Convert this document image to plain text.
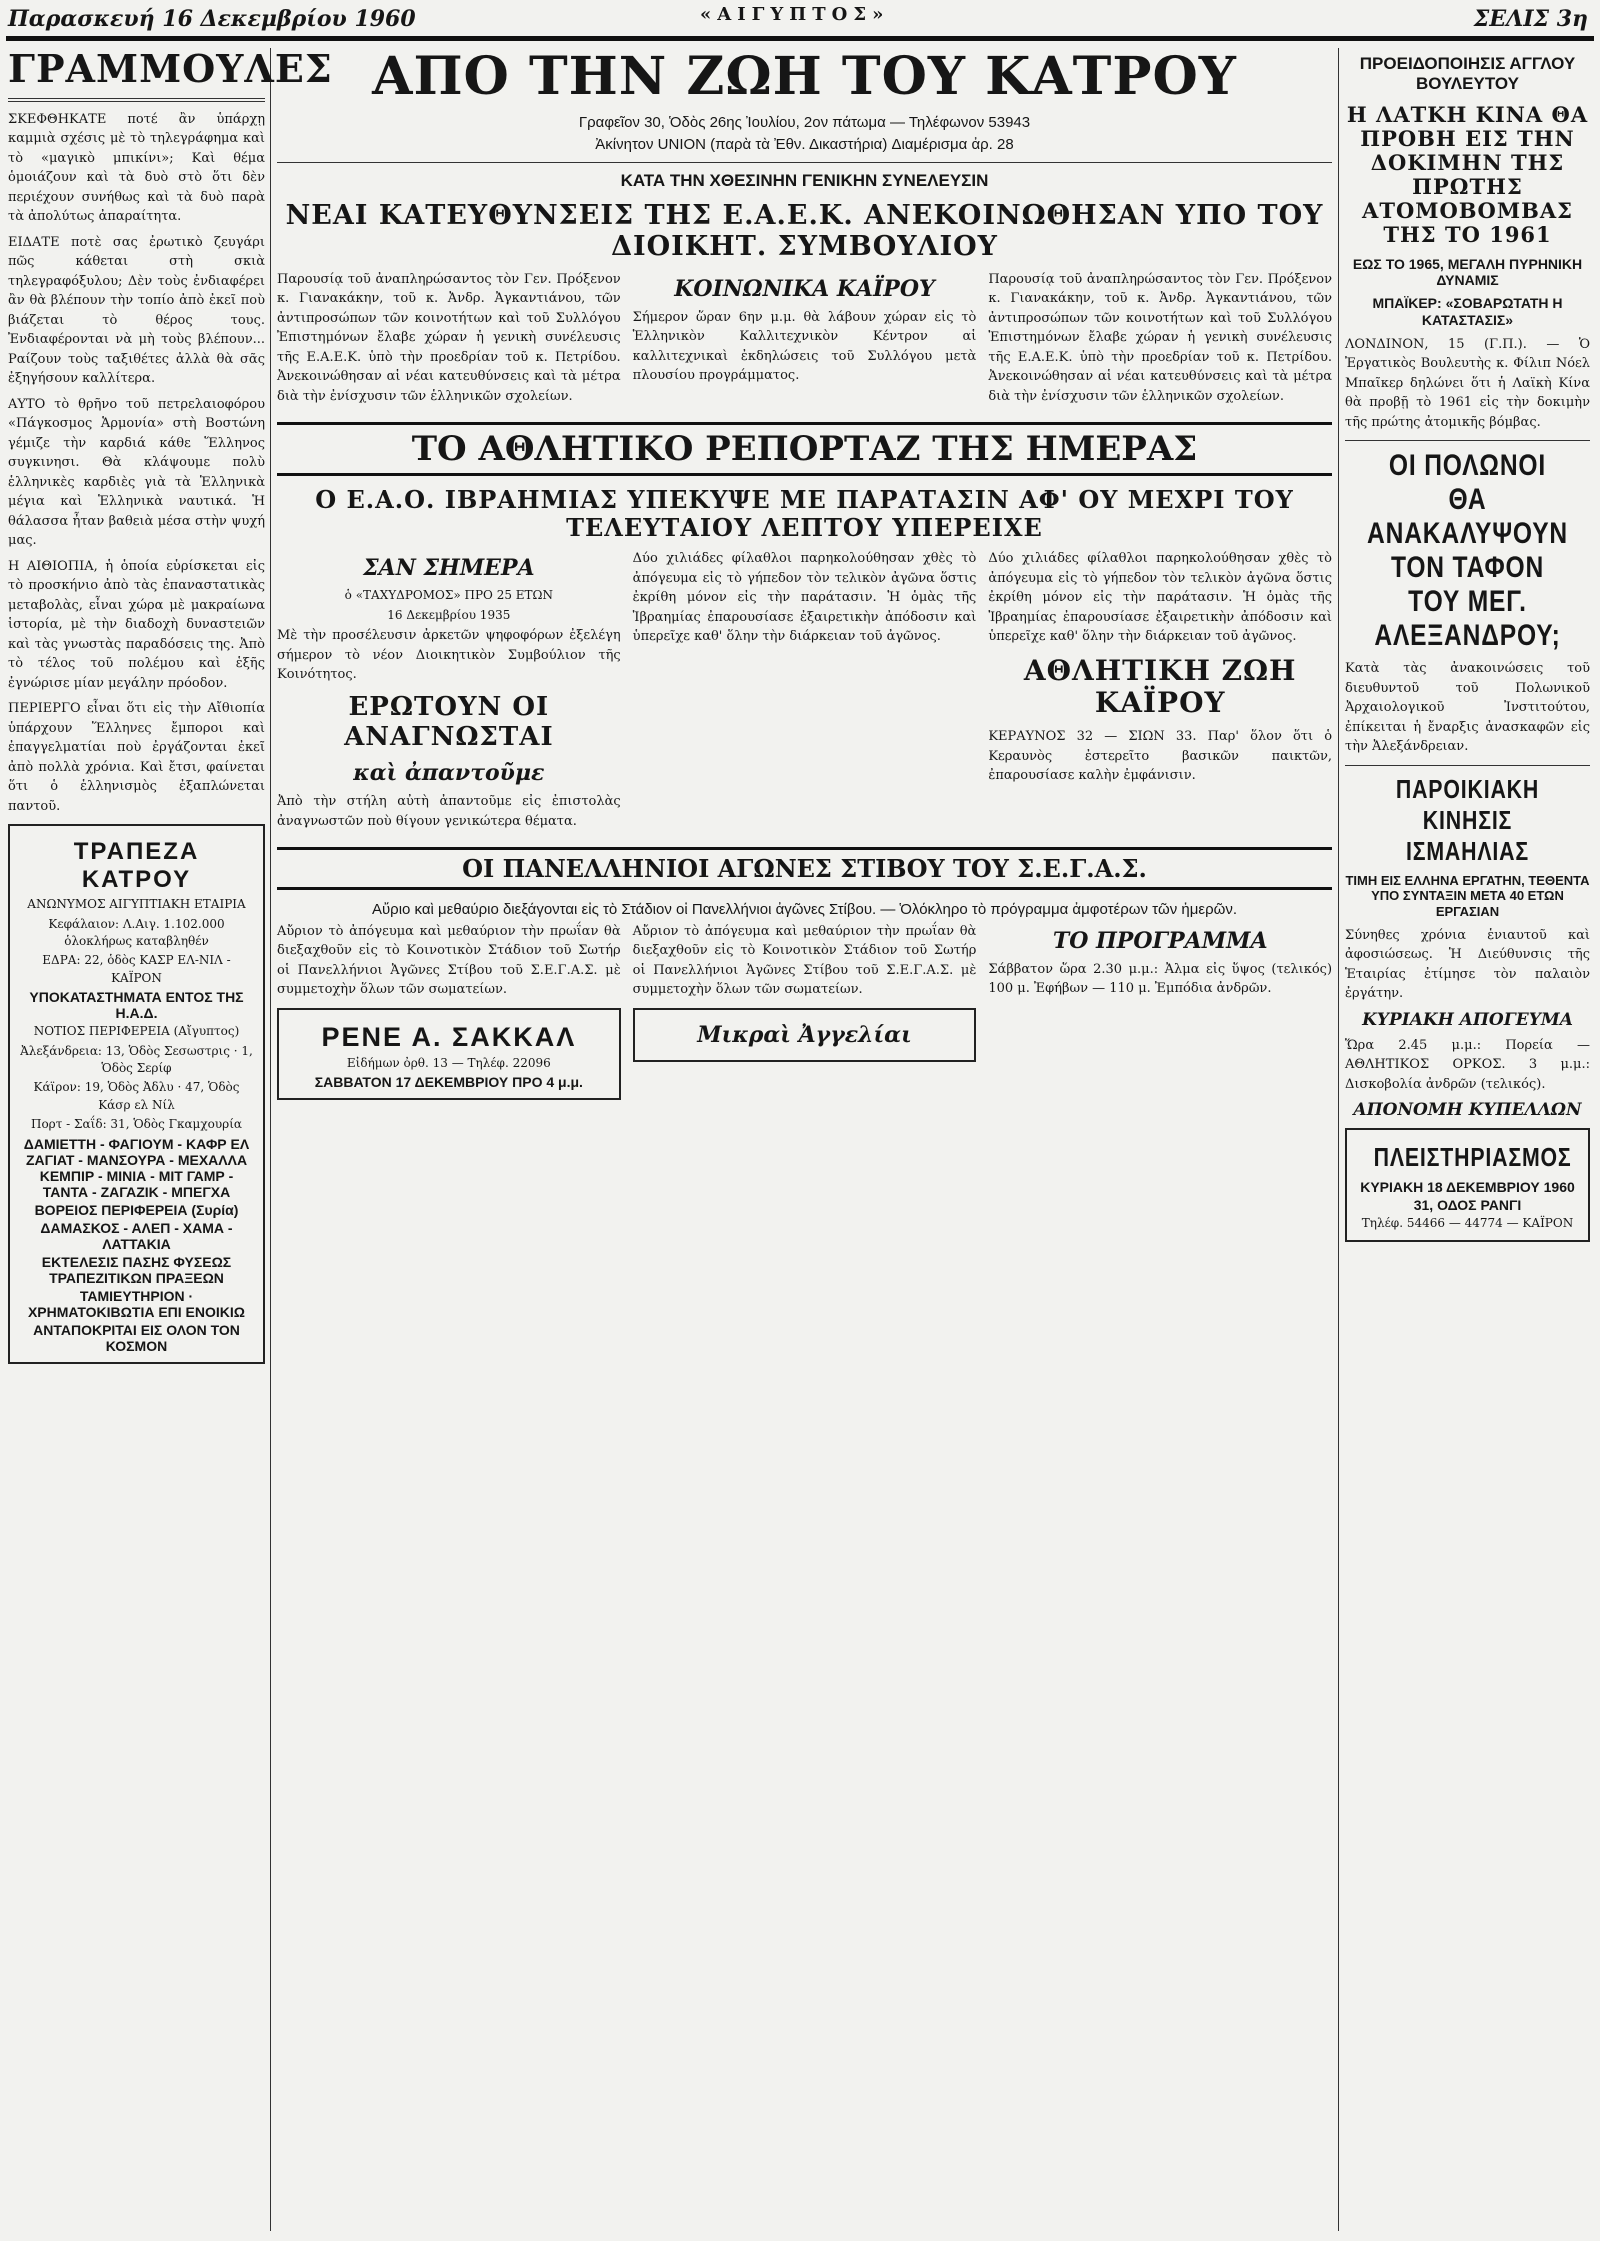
Παρασκευή 16 Δεκεμβρίου 1960	«ΑΙΓΥΠΤΟΣ»	ΣΕΛΙΣ 3η
ΓΡΑΜΜΟΥΛΕΣ

ΣΚΕΦΘΗΚΑΤΕ ποτέ ἂν ὑπάρχῃ καμμιὰ σχέσις μὲ τὸ τηλεγράφημα καὶ τὸ «μαγικὸ μπικίνι»; Καὶ θέμα ὁμοιάζουν καὶ τὰ δυὸ στὸ ὅτι δὲν περιέχουν συνήθως καὶ τὰ δυὸ παρὰ τὰ ἀπολύτως ἀπαραίτητα.

ΕΙΔΑΤΕ ποτὲ σας ἐρωτικὸ ζευγάρι πῶς κάθεται στὴ σκιὰ τηλεγραφόξυλου; Δὲν τοὺς ἐνδιαφέρει ἂν θὰ βλέπουν τὴν τοπίο ἀπὸ ἐκεῖ ποὺ βιάζεται τὸ θέρος τους. Ἐνδιαφέρονται νὰ μὴ τοὺς βλέπουν... Ραίζουν τοὺς ταξιθέτες ἀλλὰ θὰ σᾶς ἐξηγήσουν καλλίτερα.

ΑΥΤΟ τὸ θρῆνο τοῦ πετρελαιοφόρου «Πάγκοσμος Ἁρμονία» στὴ Βοστώνη γέμιζε τὴν καρδιά κάθε Ἕλληνος συγκινησι. Θὰ κλάψουμε πολὺ ἑλληνικὲς καρδιὲς γιὰ τὰ Ἑλληνικὰ μέγια καὶ Ἑλληνικὰ ναυτικά. Ἡ θάλασσα ἦταν βαθειὰ μέσα στὴν ψυχή μας.

Η ΑΙΘΙΟΠΙΑ, ἡ ὁποία εὑρίσκεται εἰς τὸ προσκήνιο ἀπὸ τὰς ἐπαναστατικὰς μεταβολὰς, εἶναι χώρα μὲ μακραίωνα ἱστορία, μὲ τὴν διαδοχὴ δυναστειῶν καὶ τὰς γνωστὰς παραδόσεις της. Ἀπὸ τὸ τέλος τοῦ πολέμου καὶ ἑξῆς ἐγνώρισε μίαν μεγάλην πρόοδον.

ΠΕΡΙΕΡΓΟ εἶναι ὅτι εἰς τὴν Αἴθιοπία ὑπάρχουν Ἕλληνες ἔμποροι καὶ ἐπαγγελματίαι ποὺ ἐργάζονται ἐκεῖ ἀπὸ πολλὰ χρόνια. Καὶ ἔτσι, φαίνεται ὅτι ὁ ἑλληνισμὸς ἐξαπλώνεται παντοῦ.

ΤΡΑΠΕΖΑ ΚΑΤΡΟΥ
ΑΝΩΝΥΜΟΣ ΑΙΓΥΠΤΙΑΚΗ ΕΤΑΙΡΙΑ
Κεφάλαιον: Λ.Αιγ. 1.102.000 ὁλοκλήρως καταβληθέν
ΕΔΡΑ: 22, ὁδὸς ΚΑΣΡ ΕΛ-ΝΙΛ - ΚΑΪΡΟΝ
ΥΠΟΚΑΤΑΣΤΗΜΑΤΑ ΕΝΤΟΣ ΤΗΣ Η.Α.Δ.
ΝΟΤΙΟΣ ΠΕΡΙΦΕΡΕΙΑ (Αἴγυπτος)
Ἀλεξάνδρεια: 13, Ὁδὸς Σεσωστρις · 1, Ὁδὸς Σερίφ
Κάϊρον: 19, Ὁδὸς Ἀδλυ · 47, Ὁδὸς Κάσρ ελ Νίλ
Πορτ - Σαΐδ: 31, Ὁδὸς Γκαμχουρία
ΔΑΜΙΕΤΤΗ - ΦΑΓΙΟΥΜ - ΚΑΦΡ ΕΛ ΖΑΓΙΑΤ - ΜΑΝΣΟΥΡΑ - ΜΕΧΑΛΛΑ ΚΕΜΠΙΡ - ΜΙΝΙΑ - ΜΙΤ ΓΑΜΡ - ΤΑΝΤΑ - ΖΑΓΑΖΙΚ - ΜΠΕΓΧΑ
ΒΟΡΕΙΟΣ ΠΕΡΙΦΕΡΕΙΑ (Συρία)
ΔΑΜΑΣΚΟΣ - ΑΛΕΠ - ΧΑΜΑ - ΛΑΤΤΑΚΙΑ
ΕΚΤΕΛΕΣΙΣ ΠΑΣΗΣ ΦΥΣΕΩΣ ΤΡΑΠΕΖΙΤΙΚΩΝ ΠΡΑΞΕΩΝ
ΤΑΜΙΕΥΤΗΡΙΟΝ · ΧΡΗΜΑΤΟΚΙΒΩΤΙΑ ΕΠΙ ΕΝΟΙΚΙΩ
ΑΝΤΑΠΟΚΡΙΤΑΙ ΕΙΣ ΟΛΟΝ ΤΟΝ ΚΟΣΜΟΝ
ΑΠΟ ΤΗΝ ΖΩΗ ΤΟΥ ΚΑΤΡΟΥ
Γραφεῖον 30, Ὁδὸς 26ης Ἰουλίου, 2ον πάτωμα — Τηλέφωνον 53943
Ἀκίνητον UNION (παρὰ τὰ Ἐθν. Δικαστήρια) Διαμέρισμα ἀρ. 28
ΚΑΤΑ ΤΗΝ ΧΘΕΣΙΝΗΝ ΓΕΝΙΚΗΝ ΣΥΝΕΛΕΥΣΙΝ
ΝΕΑΙ ΚΑΤΕΥΘΥΝΣΕΙΣ ΤΗΣ Ε.Α.Ε.Κ. ΑΝΕΚΟΙΝΩΘΗΣΑΝ ΥΠΟ ΤΟΥ ΔΙΟΙΚΗΤ. ΣΥΜΒΟΥΛΙΟΥ

Παρουσίᾳ τοῦ ἀναπληρώσαντος τὸν Γεν. Πρόξενον κ. Γιανακάκην, τοῦ κ. Ἀνδρ. Ἀγκαντιάνου, τῶν ἀντιπροσώπων τῶν κοινοτήτων καὶ τοῦ Συλλόγου Ἐπιστημόνων ἔλαβε χώραν ἡ γενικὴ συνέλευσις τῆς Ε.Α.Ε.Κ. ὑπὸ τὴν προεδρίαν τοῦ κ. Πετρίδου. Ἀνεκοινώθησαν αἱ νέαι κατευθύνσεις καὶ τὰ μέτρα διὰ τὴν ἐνίσχυσιν τῶν ἑλληνικῶν σχολείων.

ΚΟΙΝΩΝΙΚΑ ΚΑΪΡΟΥ

Σήμερον ὥραν 6ην μ.μ. θὰ λάβουν χώραν εἰς τὸ Ἑλληνικὸν Καλλιτεχνικὸν Κέντρον αἱ καλλιτεχνικαὶ ἐκδηλώσεις τοῦ Συλλόγου μετὰ πλουσίου προγράμματος.

Παρουσίᾳ τοῦ ἀναπληρώσαντος τὸν Γεν. Πρόξενον κ. Γιανακάκην, τοῦ κ. Ἀνδρ. Ἀγκαντιάνου, τῶν ἀντιπροσώπων τῶν κοινοτήτων καὶ τοῦ Συλλόγου Ἐπιστημόνων ἔλαβε χώραν ἡ γενικὴ συνέλευσις τῆς Ε.Α.Ε.Κ. ὑπὸ τὴν προεδρίαν τοῦ κ. Πετρίδου. Ἀνεκοινώθησαν αἱ νέαι κατευθύνσεις καὶ τὰ μέτρα διὰ τὴν ἐνίσχυσιν τῶν ἑλληνικῶν σχολείων.

ΤΟ ΑΘΛΗΤΙΚΟ ΡΕΠΟΡΤΑΖ ΤΗΣ ΗΜΕΡΑΣ
Ο Ε.Α.Ο. ΙΒΡΑΗΜΙΑΣ ΥΠΕΚΥΨΕ ΜΕ ΠΑΡΑΤΑΣΙΝ ΑΦ' ΟΥ ΜΕΧΡΙ ΤΟΥ ΤΕΛΕΥΤΑΙΟΥ ΛΕΠΤΟΥ ΥΠΕΡΕΙΧΕ
ΣΑΝ ΣΗΜΕΡΑ
ὁ «ΤΑΧΥΔΡΟΜΟΣ» ΠΡΟ 25 ΕΤΩΝ
16 Δεκεμβρίου 1935

Μὲ τὴν προσέλευσιν ἀρκετῶν ψηφοφόρων ἐξελέγη σήμερον τὸ νέον Διοικητικὸν Συμβούλιον τῆς Κοινότητος.

ΕΡΩΤΟΥΝ ΟΙ ΑΝΑΓΝΩΣΤΑΙ
καὶ ἀπαντοῦμε

Ἀπὸ τὴν στήλη αὐτὴ ἀπαντοῦμε εἰς ἐπιστολὰς ἀναγνωστῶν ποὺ θίγουν γενικώτερα θέματα.

Δύο χιλιάδες φίλαθλοι παρηκολούθησαν χθὲς τὸ ἀπόγευμα εἰς τὸ γήπεδον τὸν τελικὸν ἀγῶνα ὅστις ἐκρίθη μόνον εἰς τὴν παράτασιν. Ἡ ὁμὰς τῆς Ἰβραημίας ἐπαρουσίασε ἐξαιρετικὴν ἀπόδοσιν καὶ ὑπερεῖχε καθ' ὅλην τὴν διάρκειαν τοῦ ἀγῶνος.

Δύο χιλιάδες φίλαθλοι παρηκολούθησαν χθὲς τὸ ἀπόγευμα εἰς τὸ γήπεδον τὸν τελικὸν ἀγῶνα ὅστις ἐκρίθη μόνον εἰς τὴν παράτασιν. Ἡ ὁμὰς τῆς Ἰβραημίας ἐπαρουσίασε ἐξαιρετικὴν ἀπόδοσιν καὶ ὑπερεῖχε καθ' ὅλην τὴν διάρκειαν τοῦ ἀγῶνος.

ΑΘΛΗΤΙΚΗ ΖΩΗ ΚΑΪΡΟΥ

ΚΕΡΑΥΝΟΣ 32 — ΣΙΩΝ 33. Παρ' ὅλον ὅτι ὁ Κεραυνὸς ἐστερεῖτο βασικῶν παικτῶν, ἐπαρουσίασε καλὴν ἐμφάνισιν.

ΟΙ ΠΑΝΕΛΛΗΝΙΟΙ ΑΓΩΝΕΣ ΣΤΙΒΟΥ ΤΟΥ Σ.Ε.Γ.Α.Σ.
Αὔριο καὶ μεθαύριο διεξάγονται εἰς τὸ Στάδιον οἱ Πανελλήνιοι ἀγῶνες Στίβου. — Ὁλόκληρο τὸ πρόγραμμα ἀμφοτέρων τῶν ἡμερῶν.

Αὔριον τὸ ἀπόγευμα καὶ μεθαύριον τὴν πρωΐαν θὰ διεξαχθοῦν εἰς τὸ Κοινοτικὸν Στάδιον τοῦ Σωτήρ οἱ Πανελλήνιοι Ἀγῶνες Στίβου τοῦ Σ.Ε.Γ.Α.Σ. μὲ συμμετοχὴν ὅλων τῶν σωματείων.

ΡΕΝΕ Α. ΣΑΚΚΑΛ
Εἰδήμων ὀρθ. 13 — Τηλέφ. 22096
ΣΑΒΒΑΤΟΝ 17 ΔΕΚΕΜΒΡΙΟΥ ΠΡΟ 4 μ.μ.

Αὔριον τὸ ἀπόγευμα καὶ μεθαύριον τὴν πρωΐαν θὰ διεξαχθοῦν εἰς τὸ Κοινοτικὸν Στάδιον τοῦ Σωτήρ οἱ Πανελλήνιοι Ἀγῶνες Στίβου τοῦ Σ.Ε.Γ.Α.Σ. μὲ συμμετοχὴν ὅλων τῶν σωματείων.

Μικραὶ Ἀγγελίαι
ΤΟ ΠΡΟΓΡΑΜΜΑ

Σάββατον ὥρα 2.30 μ.μ.: Ἀλμα εἰς ὕψος (τελικός) 100 μ. Ἐφήβων — 110 μ. Ἐμπόδια ἀνδρῶν.

ΠΡΟΕΙΔΟΠΟΙΗΣΙΣ ΑΓΓΛΟΥ ΒΟΥΛΕΥΤΟΥ
Η ΛΑΤΚΗ ΚΙΝΑ ΘΑ ΠΡΟΒΗ ΕΙΣ ΤΗΝ ΔΟΚΙΜΗΝ ΤΗΣ ΠΡΩΤΗΣ ΑΤΟΜΟΒΟΜΒΑΣ ΤΗΣ ΤΟ 1961
ΕΩΣ ΤΟ 1965, ΜΕΓΑΛΗ ΠΥΡΗΝΙΚΗ ΔΥΝΑΜΙΣ
ΜΠΑΪΚΕΡ: «ΣΟΒΑΡΩΤΑΤΗ Η ΚΑΤΑΣΤΑΣΙΣ»

ΛΟΝΔΙΝΟΝ, 15 (Γ.Π.). — Ὁ Ἐργατικὸς Βουλευτὴς κ. Φίλιπ Νόελ Μπαῖκερ δηλώνει ὅτι ἡ Λαϊκὴ Κίνα θὰ προβῇ τὸ 1961 εἰς τὴν δοκιμὴν τῆς πρώτης ἀτομικῆς βόμβας.

ΟΙ ΠΟΛΩΝΟΙ ΘΑ ΑΝΑΚΑΛΥΨΟΥΝ ΤΟΝ ΤΑΦΟΝ ΤΟΥ ΜΕΓ. ΑΛΕΞΑΝΔΡΟΥ;

Κατὰ τὰς ἀνακοινώσεις τοῦ διευθυντοῦ τοῦ Πολωνικοῦ Ἀρχαιολογικοῦ Ἰνστιτούτου, ἐπίκειται ἡ ἔναρξις ἀνασκαφῶν εἰς τὴν Ἀλεξάνδρειαν.

ΠΑΡΟΙΚΙΑΚΗ ΚΙΝΗΣΙΣ ΙΣΜΑΗΛΙΑΣ
ΤΙΜΗ ΕΙΣ ΕΛΛΗΝΑ ΕΡΓΑΤΗΝ, ΤΕΘΕΝΤΑ ΥΠΟ ΣΥΝΤΑΞΙΝ ΜΕΤΑ 40 ΕΤΩΝ ΕΡΓΑΣΙΑΝ

Σύνηθες χρόνια ἑνιαυτοῦ καὶ ἀφοσιώσεως. Ἡ Διεύθυνσις τῆς Ἑταιρίας ἐτίμησε τὸν παλαιὸν ἐργάτην.

ΚΥΡΙΑΚΗ ΑΠΟΓΕΥΜΑ

Ὥρα 2.45 μ.μ.: Πορεία — ΑΘΛΗΤΙΚΟΣ ΟΡΚΟΣ. 3 μ.μ.: Δισκοβολία ἀνδρῶν (τελικός).

ΑΠΟΝΟΜΗ ΚΥΠΕΛΛΩΝ
ΠΛΕΙΣΤΗΡΙΑΣΜΟΣ
ΚΥΡΙΑΚΗ 18 ΔΕΚΕΜΒΡΙΟΥ 1960
31, ΟΔΟΣ ΡΑΝΓΙ
Τηλέφ. 54466 — 44774 — ΚΑΪΡΟΝ
